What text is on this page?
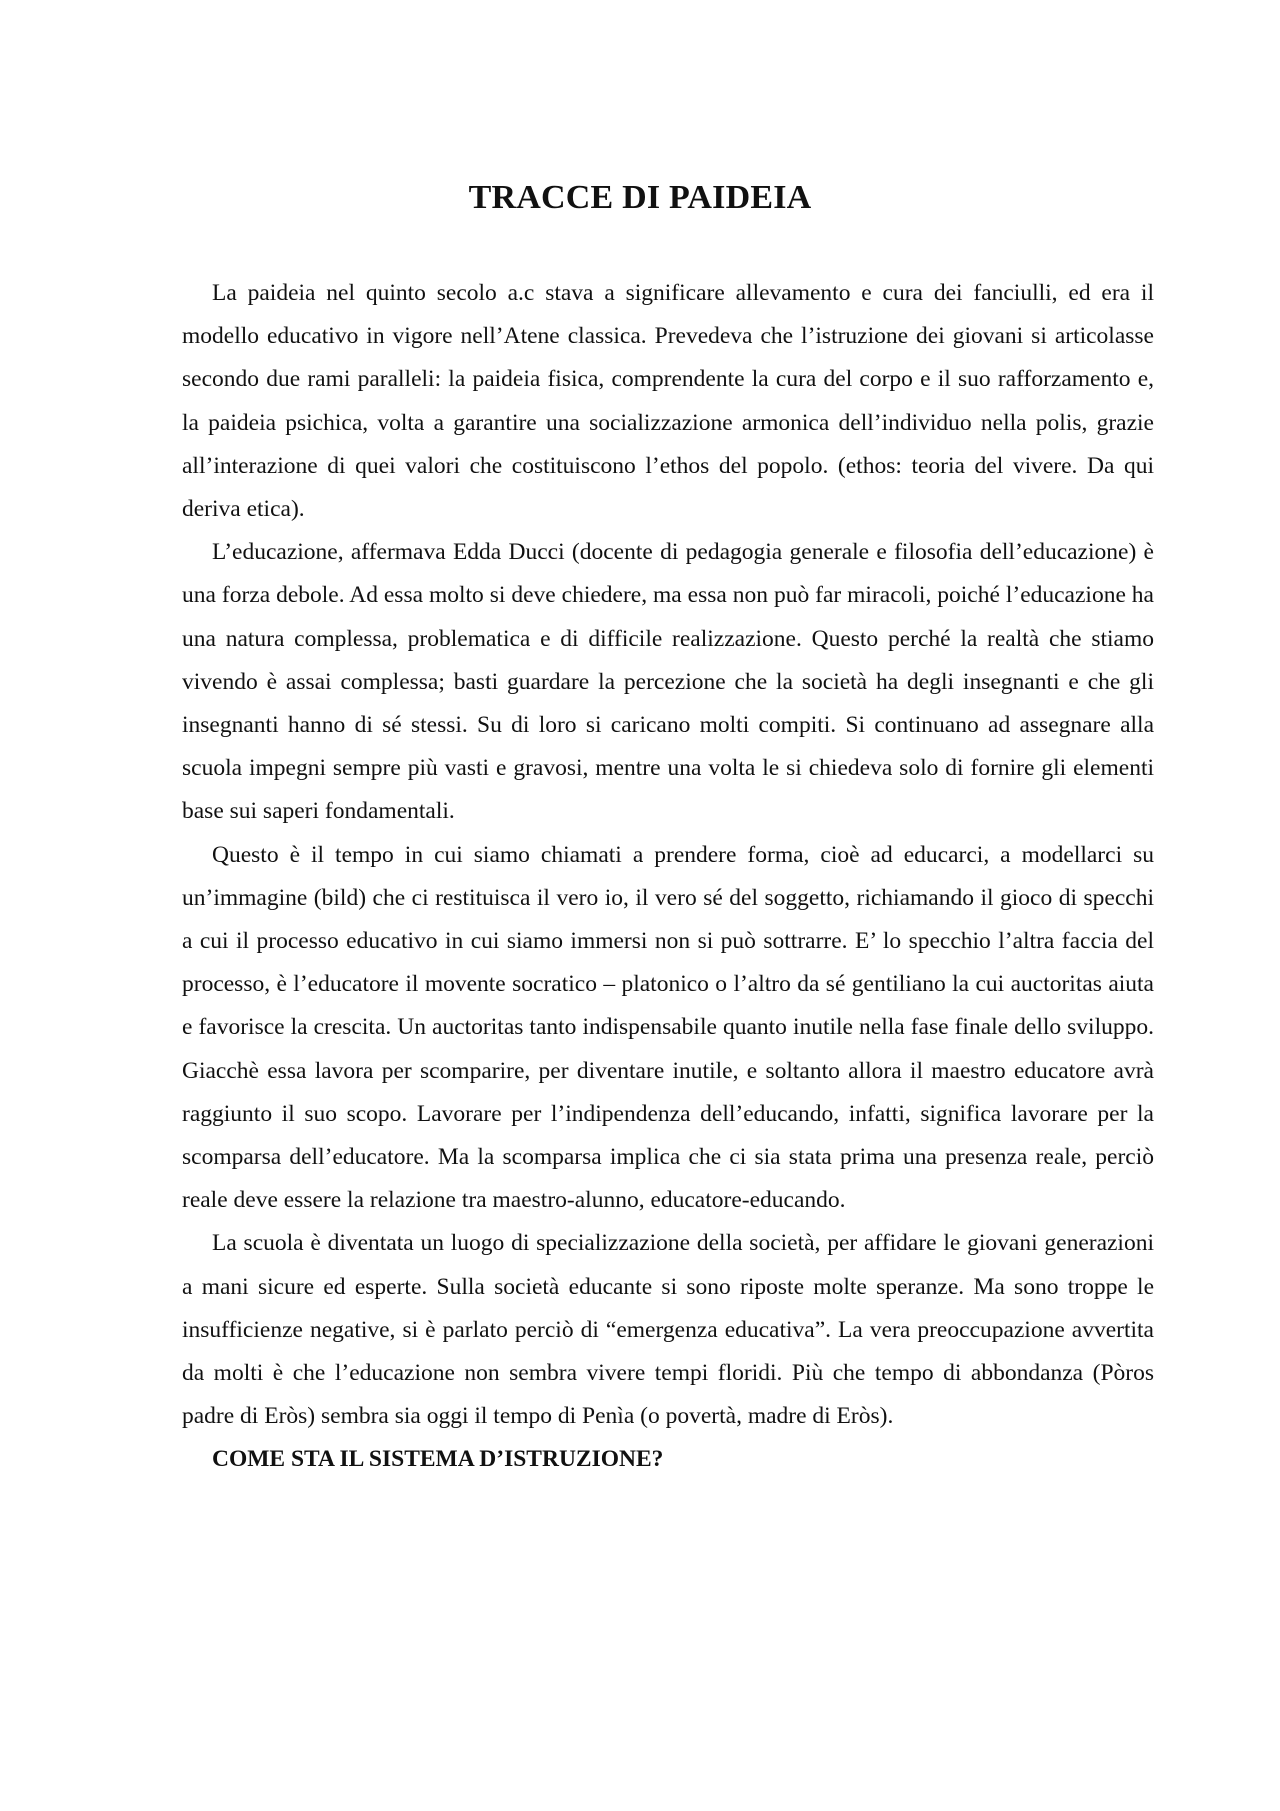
TRACCE DI PAIDEIA

La paideia nel quinto secolo a.c stava a significare allevamento e cura dei fanciulli, ed era il modello educativo in vigore nell’Atene classica. Prevedeva che l’istruzione dei giovani si articolasse secondo due rami paralleli: la paideia fisica, comprendente la cura del corpo e il suo rafforzamento e, la paideia psichica, volta a garantire una socializzazione armonica dell’individuo nella polis, grazie all’interazione di quei valori che costituiscono l’ethos del popolo. (ethos: teoria del vivere. Da qui deriva etica).

L’educazione, affermava Edda Ducci (docente di pedagogia generale e filosofia dell’educazione) è una forza debole. Ad essa molto si deve chiedere, ma essa non può far miracoli, poiché l’educazione ha una natura complessa, problematica e di difficile realizzazione. Questo perché la realtà che stiamo vivendo è assai complessa; basti guardare la percezione che la società ha degli insegnanti e che gli insegnanti hanno di sé stessi. Su di loro si caricano molti compiti. Si continuano ad assegnare alla scuola impegni sempre più vasti e gravosi, mentre una volta le si chiedeva solo di fornire gli elementi base sui saperi fondamentali.

Questo è il tempo in cui siamo chiamati a prendere forma, cioè ad educarci, a modellarci su un’immagine (bild) che ci restituisca il vero io, il vero sé del soggetto, richiamando il gioco di specchi a cui il processo educativo in cui siamo immersi non si può sottrarre. E’ lo specchio l’altra faccia del processo, è l’educatore il movente socratico – platonico o l’altro da sé gentiliano la cui auctoritas aiuta e favorisce la crescita. Un auctoritas tanto indispensabile quanto inutile nella fase finale dello sviluppo. Giacchè essa lavora per scomparire, per diventare inutile, e soltanto allora il maestro educatore avrà raggiunto il suo scopo. Lavorare per l’indipendenza dell’educando, infatti, significa lavorare per la scomparsa dell’educatore. Ma la scomparsa implica che ci sia stata prima una presenza reale, perciò reale deve essere la relazione tra maestro-alunno, educatore-educando.

La scuola è diventata un luogo di specializzazione della società, per affidare le giovani generazioni a mani sicure ed esperte. Sulla società educante si sono riposte molte speranze. Ma sono troppe le insufficienze negative, si è parlato perciò di “emergenza educativa”. La vera preoccupazione avvertita da molti è che l’educazione non sembra vivere tempi floridi. Più che tempo di abbondanza (Pòros padre di Eròs) sembra sia oggi il tempo di Penìa (o povertà, madre di Eròs).

COME STA IL SISTEMA D’ISTRUZIONE?
